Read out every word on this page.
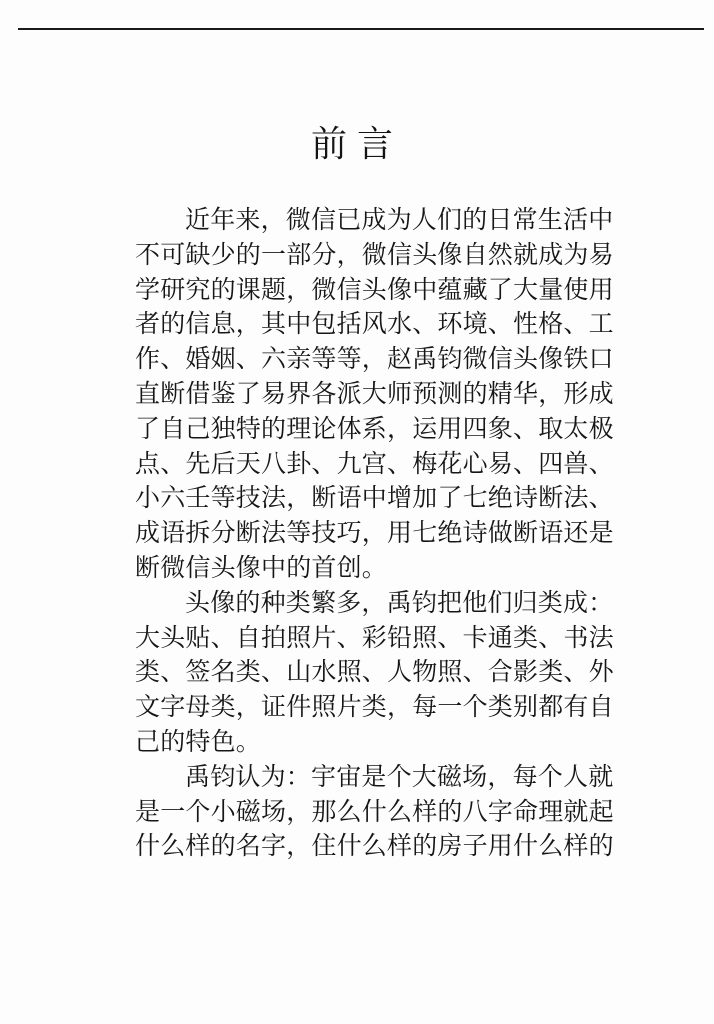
前言
近年来，微信已成为人们的日常生活中
不可缺少的一部分，微信头像自然就成为易
学研究的课题，微信头像中蕴藏了大量使用
者的信息，其中包括风水、环境、性格、工
作、婚姻、六亲等等，赵禹钧微信头像铁口
直断借鉴了易界各派大师预测的精华，形成
了自己独特的理论体系，运用四象、取太极
点、先后天八卦、九宫、梅花心易、四兽、
小六壬等技法，断语中增加了七绝诗断法、
成语拆分断法等技巧，用七绝诗做断语还是
断微信头像中的首创。
头像的种类繁多，禹钧把他们归类成：
大头贴、自拍照片、彩铅照、卡通类、书法
类、签名类、山水照、人物照、合影类、外
文字母类，证件照片类，每一个类别都有自
己的特色。
禹钧认为：宇宙是个大磁场，每个人就
是一个小磁场，那么什么样的八字命理就起
什么样的名字，住什么样的房子用什么样的
